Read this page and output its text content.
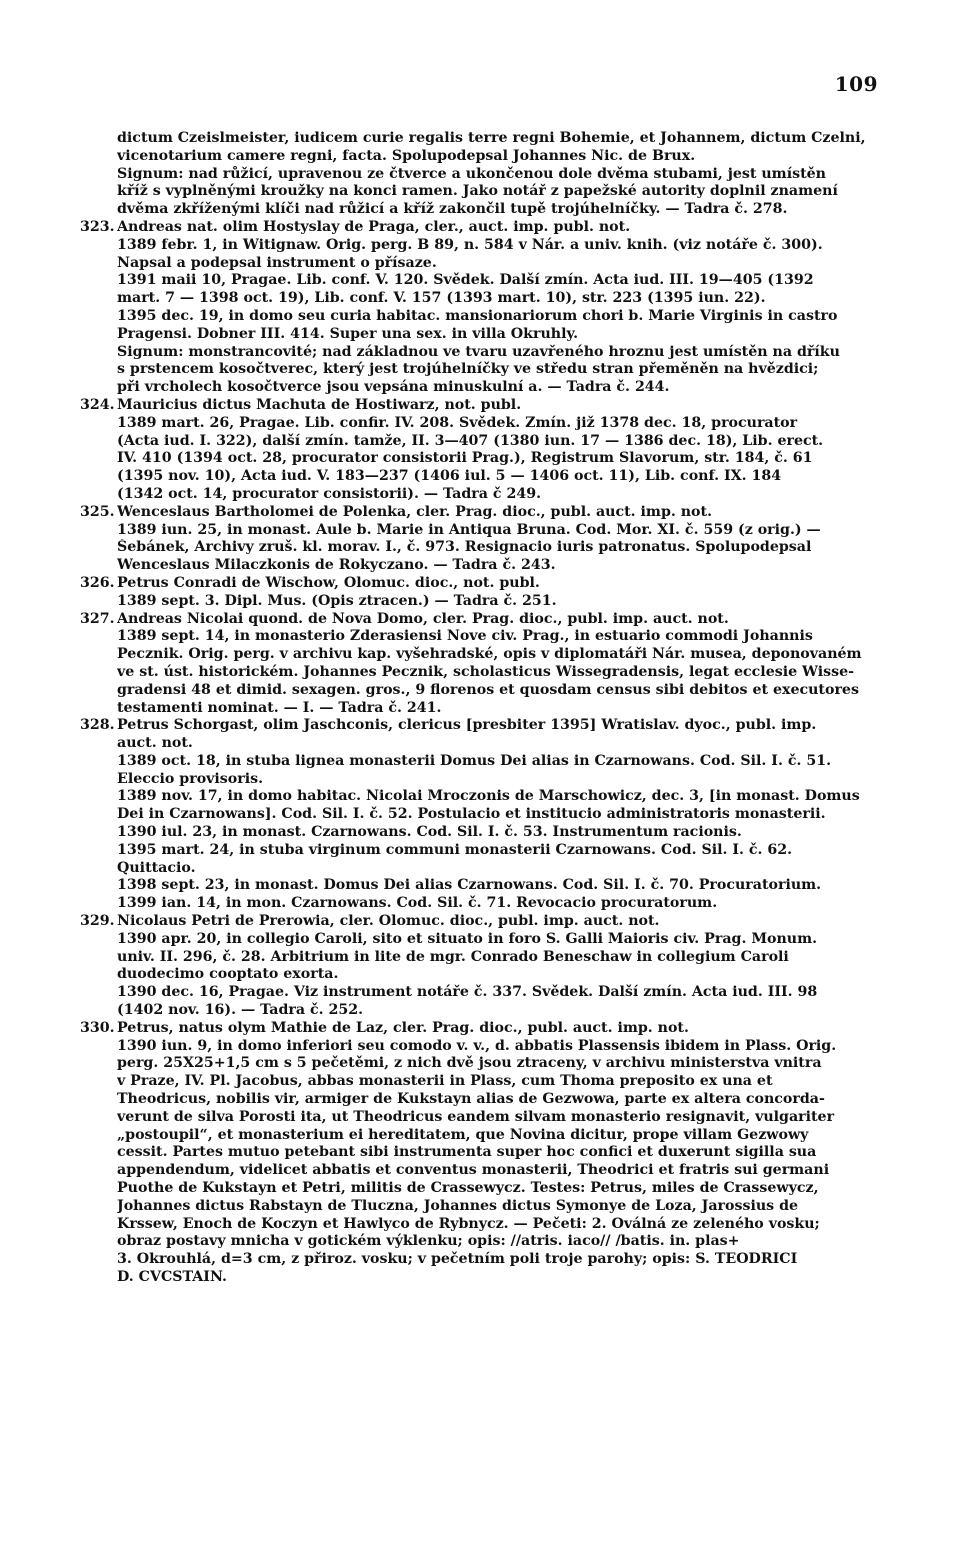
109
dictum Czeislmeister, iudicem curie regalis terre regni Bohemie, et Johannem, dictum Czelni,
vicenotarium camere regni, facta. Spolupodepsal Johannes Nic. de Brux.
Signum: nad růžicí, upravenou ze čtverce a ukončenou dole dvěma stubami, jest umístěn
kříž s vyplněnými kroužky na konci ramen. Jako notář z papežské autority doplnil znamení
dvěma zkříženými klíči nad růžicí a kříž zakončil tupě trojúhelníčky. — Tadra č. 278.
323. Andreas nat. olim Hostyslay de Praga, cler., auct. imp. publ. not.
1389 febr. 1, in Witignaw. Orig. perg. B 89, n. 584 v Nár. a univ. knih. (viz notáře č. 300).
Napsal a podepsal instrument o přísaze.
1391 maii 10, Pragae. Lib. conf. V. 120. Svědek. Další zmín. Acta iud. III. 19—405 (1392
mart. 7 — 1398 oct. 19), Lib. conf. V. 157 (1393 mart. 10), str. 223 (1395 iun. 22).
1395 dec. 19, in domo seu curia habitac. mansionariorum chori b. Marie Virginis in castro
Pragensi. Dobner III. 414. Super una sex. in villa Okruhly.
Signum: monstrancovité; nad základnou ve tvaru uzavřeného hroznu jest umístěn na dříku
s prstencem kosočtverec, který jest trojúhelníčky ve středu stran přeměněn na hvězdici;
při vrcholech kosočtverce jsou vepsána minuskulní a. — Tadra č. 244.
324. Mauricius dictus Machuta de Hostiwarz, not. publ.
1389 mart. 26, Pragae. Lib. confir. IV. 208. Svědek. Zmín. již 1378 dec. 18, procurator
(Acta iud. I. 322), další zmín. tamže, II. 3—407 (1380 iun. 17 — 1386 dec. 18), Lib. erect.
IV. 410 (1394 oct. 28, procurator consistorii Prag.), Registrum Slavorum, str. 184, č. 61
(1395 nov. 10), Acta iud. V. 183—237 (1406 iul. 5 — 1406 oct. 11), Lib. conf. IX. 184
(1342 oct. 14, procurator consistorii). — Tadra č 249.
325. Wenceslaus Bartholomei de Polenka, cler. Prag. dioc., publ. auct. imp. not.
1389 iun. 25, in monast. Aule b. Marie in Antiqua Bruna. Cod. Mor. XI. č. 559 (z orig.) —
Šebánek, Archivy zruš. kl. morav. I., č. 973. Resignacio iuris patronatus. Spolupodepsal
Wenceslaus Milaczkonis de Rokyczano. — Tadra č. 243.
326. Petrus Conradi de Wischow, Olomuc. dioc., not. publ.
1389 sept. 3. Dipl. Mus. (Opis ztracen.) — Tadra č. 251.
327. Andreas Nicolai quond. de Nova Domo, cler. Prag. dioc., publ. imp. auct. not.
1389 sept. 14, in monasterio Zderasiensi Nove civ. Prag., in estuario commodi Johannis
Pecznik. Orig. perg. v archivu kap. vyšehradské, opis v diplomatáři Nár. musea, deponovaném
ve st. úst. historickém. Johannes Pecznik, scholasticus Wissegradensis, legat ecclesie Wisse-
gradensi 48 et dimid. sexagen. gros., 9 florenos et quosdam census sibi debitos et executores
testamenti nominat. — I. — Tadra č. 241.
328. Petrus Schorgast, olim Jaschconis, clericus [presbiter 1395] Wratislav. dyoc., publ. imp.
auct. not.
1389 oct. 18, in stuba lignea monasterii Domus Dei alias in Czarnowans. Cod. Sil. I. č. 51.
Eleccio provisoris.
1389 nov. 17, in domo habitac. Nicolai Mroczonis de Marschowicz, dec. 3, [in monast. Domus
Dei in Czarnowans]. Cod. Sil. I. č. 52. Postulacio et institucio administratoris monasterii.
1390 iul. 23, in monast. Czarnowans. Cod. Sil. I. č. 53. Instrumentum racionis.
1395 mart. 24, in stuba virginum communi monasterii Czarnowans. Cod. Sil. I. č. 62.
Quittacio.
1398 sept. 23, in monast. Domus Dei alias Czarnowans. Cod. Sil. I. č. 70. Procuratorium.
1399 ian. 14, in mon. Czarnowans. Cod. Sil. č. 71. Revocacio procuratorum.
329. Nicolaus Petri de Prerowia, cler. Olomuc. dioc., publ. imp. auct. not.
1390 apr. 20, in collegio Caroli, sito et situato in foro S. Galli Maioris civ. Prag. Monum.
univ. II. 296, č. 28. Arbitrium in lite de mgr. Conrado Beneschaw in collegium Caroli
duodecimo cooptato exorta.
1390 dec. 16, Pragae. Viz instrument notáře č. 337. Svědek. Další zmín. Acta iud. III. 98
(1402 nov. 16). — Tadra č. 252.
330. Petrus, natus olym Mathie de Laz, cler. Prag. dioc., publ. auct. imp. not.
1390 iun. 9, in domo inferiori seu comodo v. v., d. abbatis Plassensis ibidem in Plass. Orig.
perg. 25X25+1,5 cm s 5 pečetěmi, z nich dvě jsou ztraceny, v archivu ministerstva vnitra
v Praze, IV. Pl. Jacobus, abbas monasterii in Plass, cum Thoma preposito ex una et
Theodricus, nobilis vir, armiger de Kukstayn alias de Gezwowa, parte ex altera concorda-
verunt de silva Porosti ita, ut Theodricus eandem silvam monasterio resignavit, vulgariter
„postoupil“, et monasterium ei hereditatem, que Novina dicitur, prope villam Gezwowy
cessit. Partes mutuo petebant sibi instrumenta super hoc confici et duxerunt sigilla sua
appendendum, videlicet abbatis et conventus monasterii, Theodrici et fratris sui germani
Puothe de Kukstayn et Petri, militis de Crassewycz. Testes: Petrus, miles de Crassewycz,
Johannes dictus Rabstayn de Tluczna, Johannes dictus Symonye de Loza, Jarossius de
Krssew, Enoch de Koczyn et Hawlyco de Rybnycz. — Pečeti: 2. Oválná ze zeleného vosku;
obraz postavy mnicha v gotickém výklenku; opis: //atris. iaco// /batis. in. plas+
3. Okrouhlá, d=3 cm, z přiroz. vosku; v pečetním poli troje parohy; opis: S. TEODRICI
D. CVCSTAIN.
